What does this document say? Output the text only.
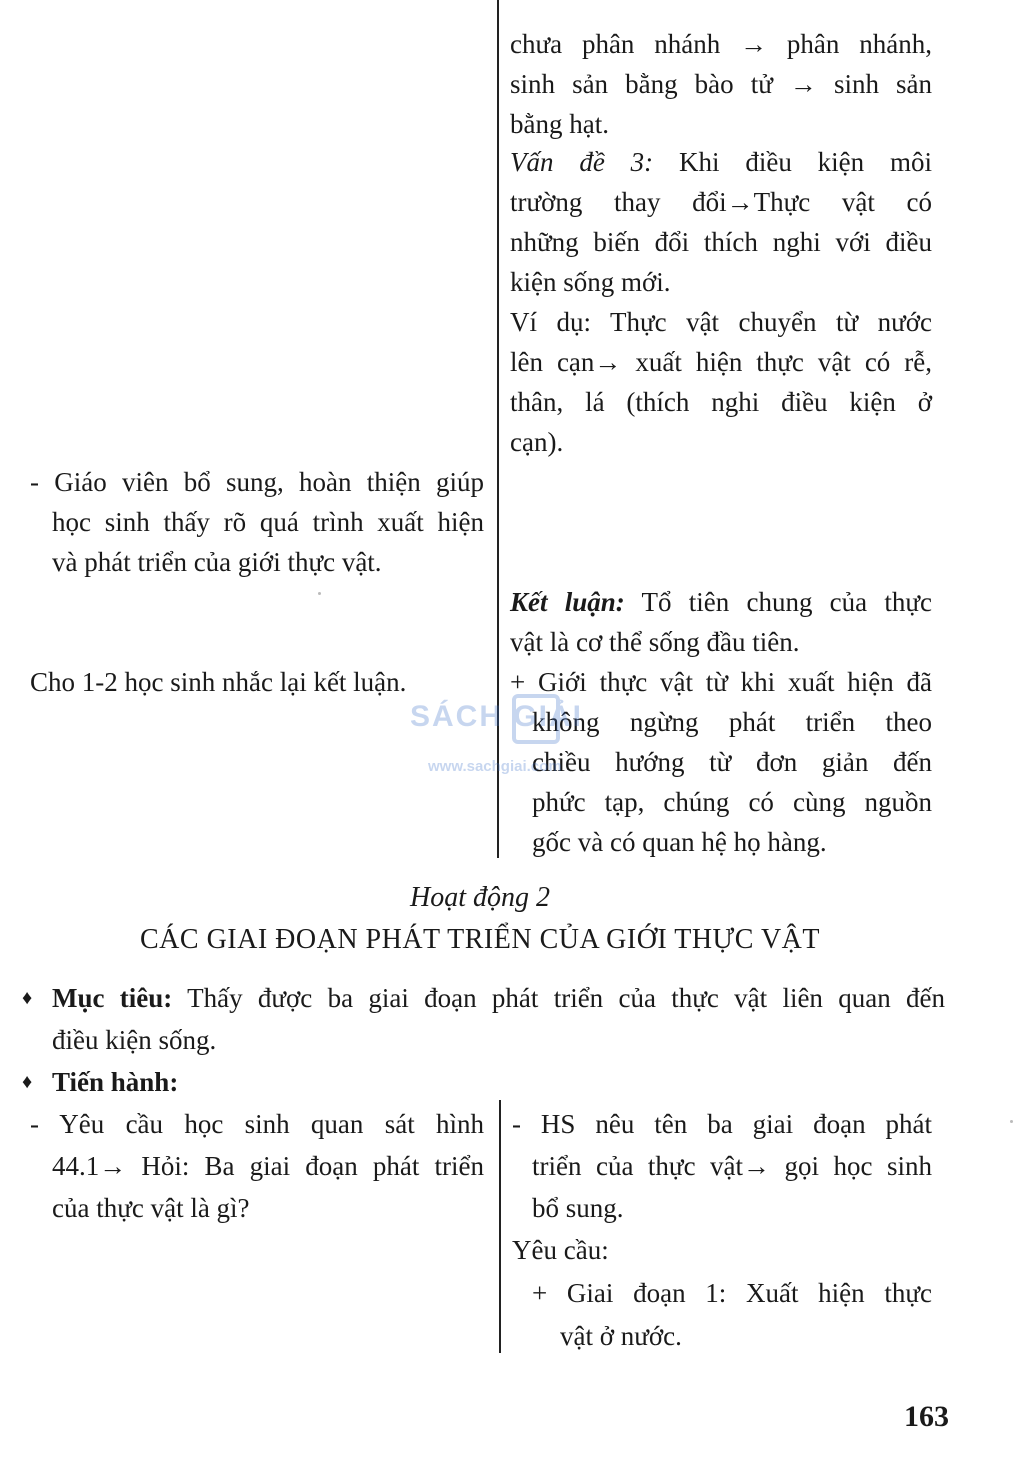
chưa phân nhánh → phân nhánh,
sinh sản bằng bào tử → sinh sản
bằng hạt.
Vấn đề 3: Khi điều kiện môi
trường thay đổi→Thực vật có
những biến đổi thích nghi với điều
kiện sống mới.
Ví dụ: Thực vật chuyển từ nước
lên cạn→ xuất hiện thực vật có rễ,
thân, lá (thích nghi điều kiện ở
cạn).
Kết luận: Tổ tiên chung của thực
vật là cơ thể sống đầu tiên.
+ Giới thực vật từ khi xuất hiện đã
không ngừng phát triển theo
chiều hướng từ đơn giản đến
phức tạp, chúng có cùng nguồn
gốc và có quan hệ họ hàng.
- Giáo viên bổ sung, hoàn thiện giúp
học sinh thấy rõ quá trình xuất hiện
và phát triển của giới thực vật.
Cho 1-2 học sinh nhắc lại kết luận.
SÁCH GIẢI
www.sachgiai.com
Hoạt động 2
CÁC GIAI ĐOẠN PHÁT TRIỂN CỦA GIỚI THỰC VẬT
♦ Mục tiêu: Thấy được ba giai đoạn phát triển của thực vật liên quan đến
điều kiện sống.
♦ Tiến hành:
- Yêu cầu học sinh quan sát hình
44.1→ Hỏi: Ba giai đoạn phát triển
của thực vật là gì?
- HS nêu tên ba giai đoạn phát
triển của thực vật→ gọi học sinh
bổ sung.
Yêu cầu:
+ Giai đoạn 1: Xuất hiện thực
vật ở nước.
163
